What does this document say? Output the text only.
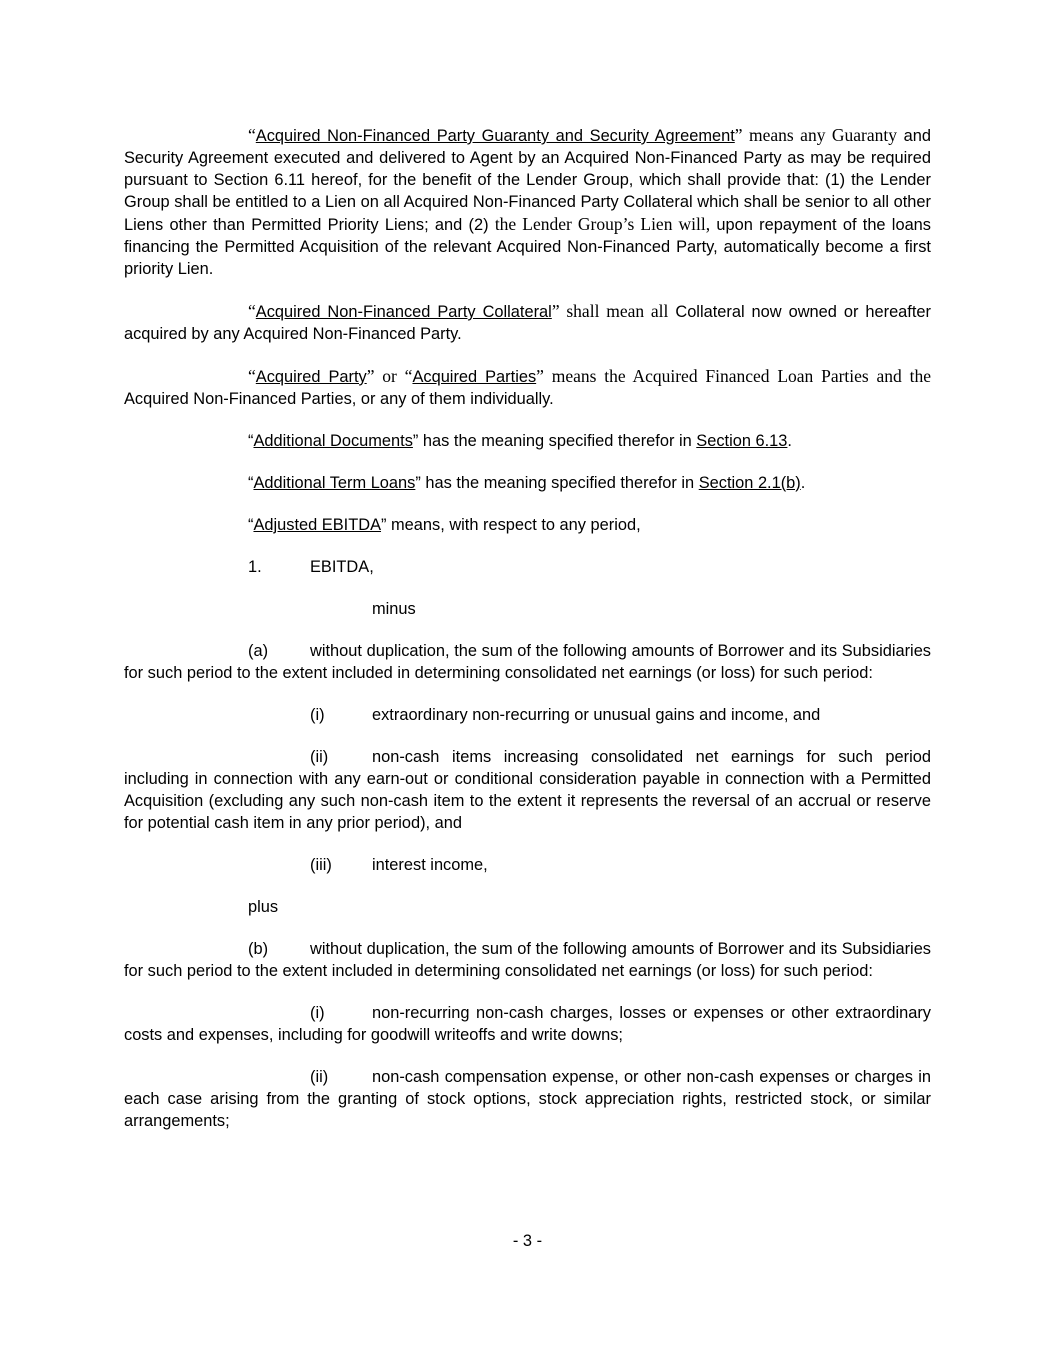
“Acquired Non-Financed Party Guaranty and Security Agreement” means any Guaranty and Security Agreement executed and delivered to Agent by an Acquired Non-Financed Party as may be required pursuant to Section 6.11 hereof, for the benefit of the Lender Group, which shall provide that: (1) the Lender Group shall be entitled to a Lien on all Acquired Non-Financed Party Collateral which shall be senior to all other Liens other than Permitted Priority Liens; and (2) the Lender Group’s Lien will, upon repayment of the loans financing the Permitted Acquisition of the relevant Acquired Non-Financed Party, automatically become a first priority Lien.

“Acquired Non-Financed Party Collateral” shall mean all Collateral now owned or hereafter acquired by any Acquired Non-Financed Party.

“Acquired Party” or “Acquired Parties” means the Acquired Financed Loan Parties and the Acquired Non-Financed Parties, or any of them individually.

“Additional Documents” has the meaning specified therefor in Section 6.13.

“Additional Term Loans” has the meaning specified therefor in Section 2.1(b).

“Adjusted EBITDA” means, with respect to any period,

1.	EBITDA,
minus

(a)	without duplication, the sum of the following amounts of Borrower and its Subsidiaries for such period to the extent included in determining consolidated net earnings (or loss) for such period:

(i)	extraordinary non-recurring or unusual gains and income, and

(ii)	non-cash items increasing consolidated net earnings for such period including in connection with any earn-out or conditional consideration payable in connection with a Permitted Acquisition (excluding any such non-cash item to the extent it represents the reversal of an accrual or reserve for potential cash item in any prior period), and

(iii) interest income,
plus

(b)	without duplication, the sum of the following amounts of Borrower and its Subsidiaries for such period to the extent included in determining consolidated net earnings (or loss) for such period:

(i)	non-recurring non-cash charges, losses or expenses or other extraordinary costs and expenses, including for goodwill writeoffs and write downs;

(ii)	non-cash compensation expense, or other non-cash expenses or charges in each case arising from the granting of stock options, stock appreciation rights, restricted stock, or similar arrangements;

- 3 -
